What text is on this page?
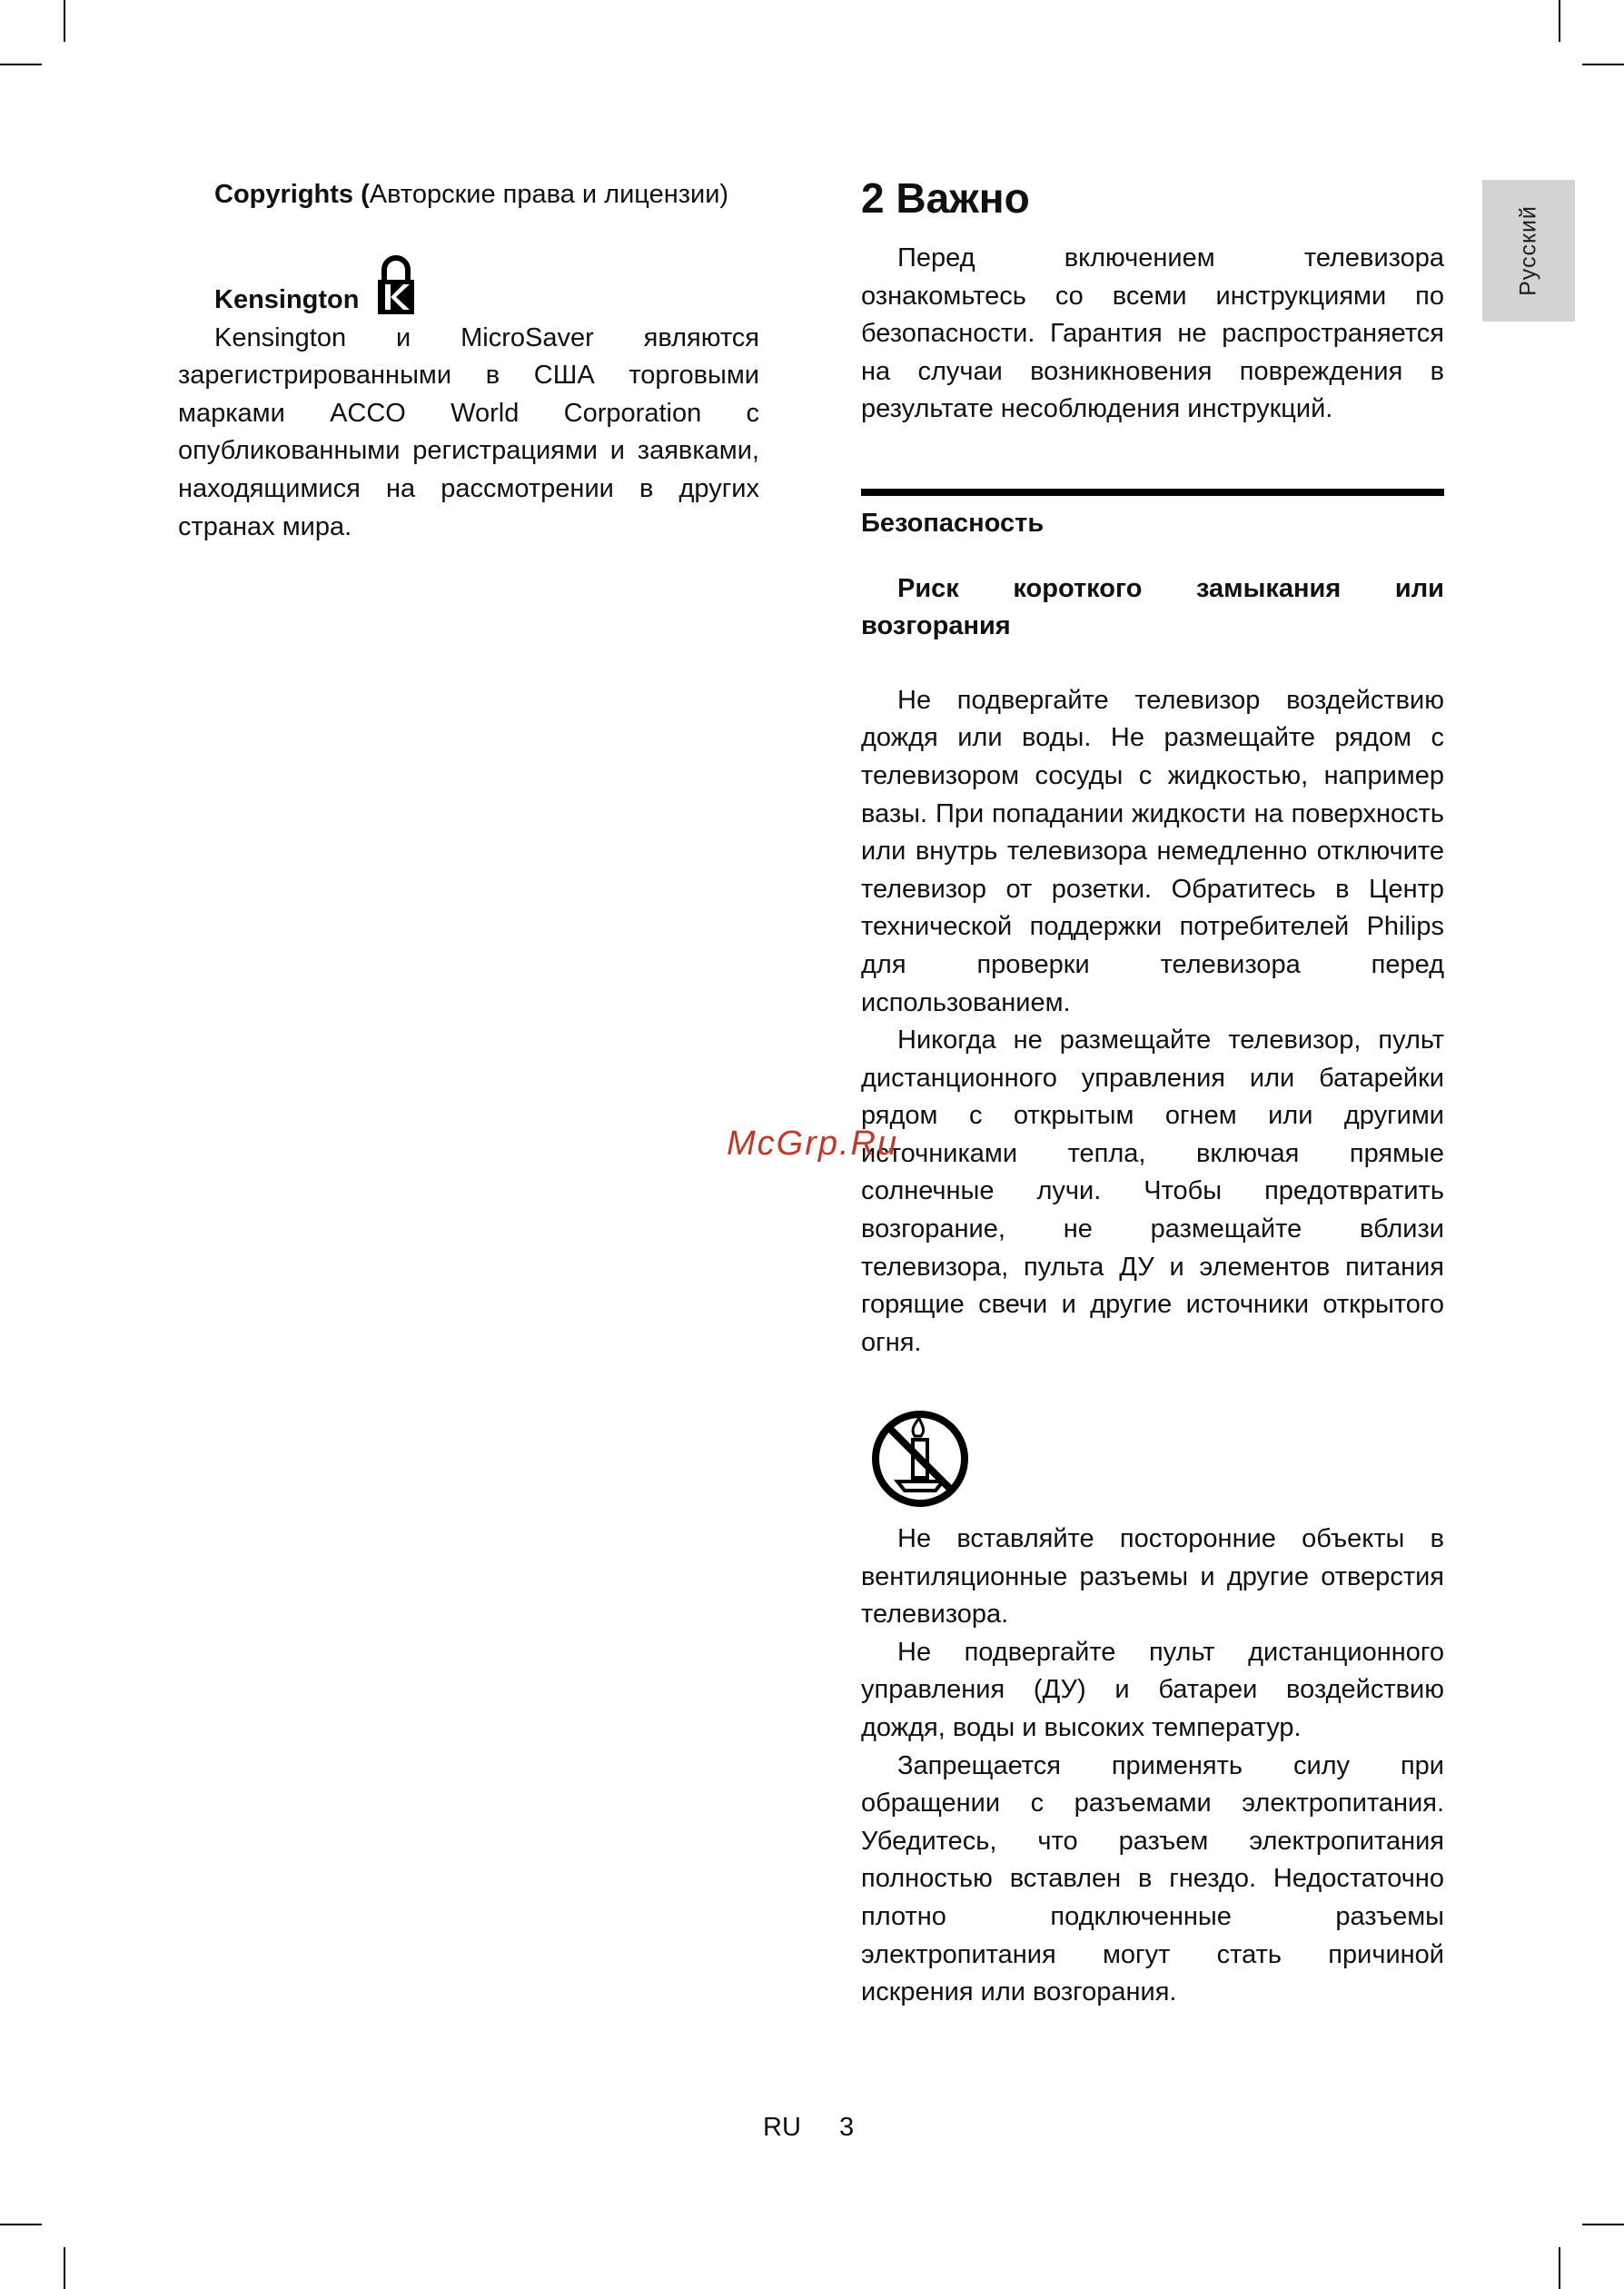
Русский

Copyrights (Авторские права и лицензии)

Kensington

Kensington и MicroSaver являются зарегистрированными в США торговыми марками ACCO World Corporation с опубликованными регистрациями и заявками, находящимися на рассмотрении в других странах мира.

2 Важно

Перед включением телевизора ознакомьтесь со всеми инструкциями по безопасности. Гарантия не распространяется на случаи возникновения повреждения в результате несоблюдения инструкций.

Безопасность

Риск короткого замыкания или возгорания

Не подвергайте телевизор воздействию дождя или воды. Не размещайте рядом с телевизором сосуды с жидкостью, например вазы. При попадании жидкости на поверхность или внутрь телевизора немедленно отключите телевизор от розетки. Обратитесь в Центр технической поддержки потребителей Philips для проверки телевизора перед использованием.

Никогда не размещайте телевизор, пульт дистанционного управления или батарейки рядом с открытым огнем или другими источниками тепла, включая прямые солнечные лучи. Чтобы предотвратить возгорание, не размещайте вблизи телевизора, пульта ДУ и элементов питания горящие свечи и другие источники открытого огня.

Не вставляйте посторонние объекты в вентиляционные разъемы и другие отверстия телевизора.

Не подвергайте пульт дистанционного управления (ДУ) и батареи воздействию дождя, воды и высоких температур.

Запрещается применять силу при обращении с разъемами электропитания. Убедитесь, что разъем электропитания полностью вставлен в гнездо. Недостаточно плотно подключенные разъемы электропитания могут стать причиной искрения или возгорания.

McGrp.Ru
RU 3
